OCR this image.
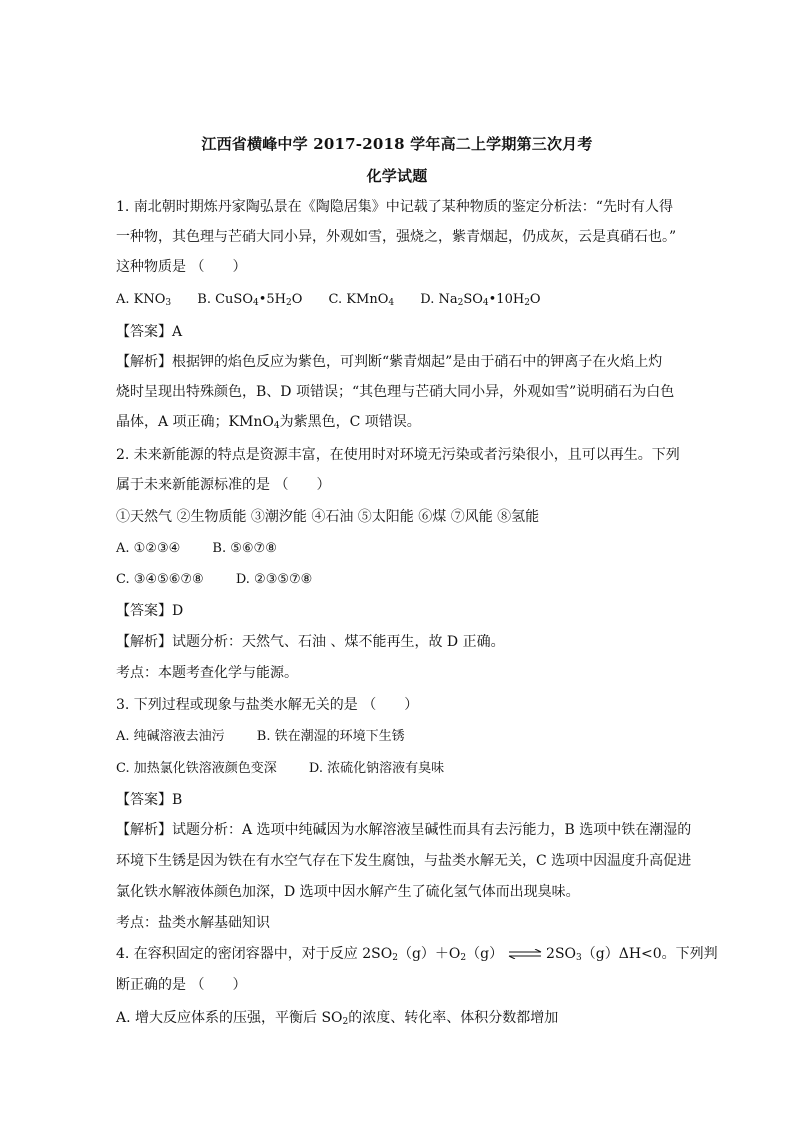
江西省横峰中学 2017-2018 学年高二上学期第三次月考
化学试题
1. 南北朝时期炼丹家陶弘景在《陶隐居集》中记载了某种物质的鉴定分析法：“先时有人得
一种物，其色理与芒硝大同小异，外观如雪，强烧之，紫青烟起，仍成灰，云是真硝石也。”
这种物质是 （　　）
A. $KNO_3$ B. $CuSO_4•5H_2O$ C. KMnO$_4$ D. $Na_2SO_4•10H_2O$
【答案】A
【解析】根据钾的焰色反应为紫色，可判断“紫青烟起”是由于硝石中的钾离子在火焰上灼
烧时呈现出特殊颜色，B、D 项错误；“其色理与芒硝大同小异，外观如雪”说明硝石为白色
晶体，A 项正确；KMnO$_4$为紫黑色，C 项错误。
2. 未来新能源的特点是资源丰富，在使用时对环境无污染或者污染很小，且可以再生。下列
属于未来新能源标准的是 （　　）
①天然气 ②生物质能 ③潮汐能 ④石油 ⑤太阳能 ⑥煤 ⑦风能 ⑧氢能
A. ①②③④ B. ⑤⑥⑦⑧
C. ③④⑤⑥⑦⑧ D. ②③⑤⑦⑧
【答案】D
【解析】试题分析：天然气、石油 、煤不能再生，故 D 正确。
考点：本题考查化学与能源。
3. 下列过程或现象与盐类水解无关的是 （　　）
A. 纯碱溶液去油污 B. 铁在潮湿的环境下生锈
C. 加热氯化铁溶液颜色变深 D. 浓硫化钠溶液有臭味
【答案】B
【解析】试题分析：A 选项中纯碱因为水解溶液呈碱性而具有去污能力，B 选项中铁在潮湿的
环境下生锈是因为铁在有水空气存在下发生腐蚀，与盐类水解无关，C 选项中因温度升高促进
氯化铁水解液体颜色加深，D 选项中因水解产生了硫化氢气体而出现臭味。
考点：盐类水解基础知识
4. 在容积固定的密闭容器中，对于反应 $2SO_2(g)+O_2(g)$ ⇌ $2SO_3(g)\Delta H<0$。下列判
断正确的是 （　　）
A. 增大反应体系的压强，平衡后 $SO_2$的浓度、转化率、体积分数都增加
